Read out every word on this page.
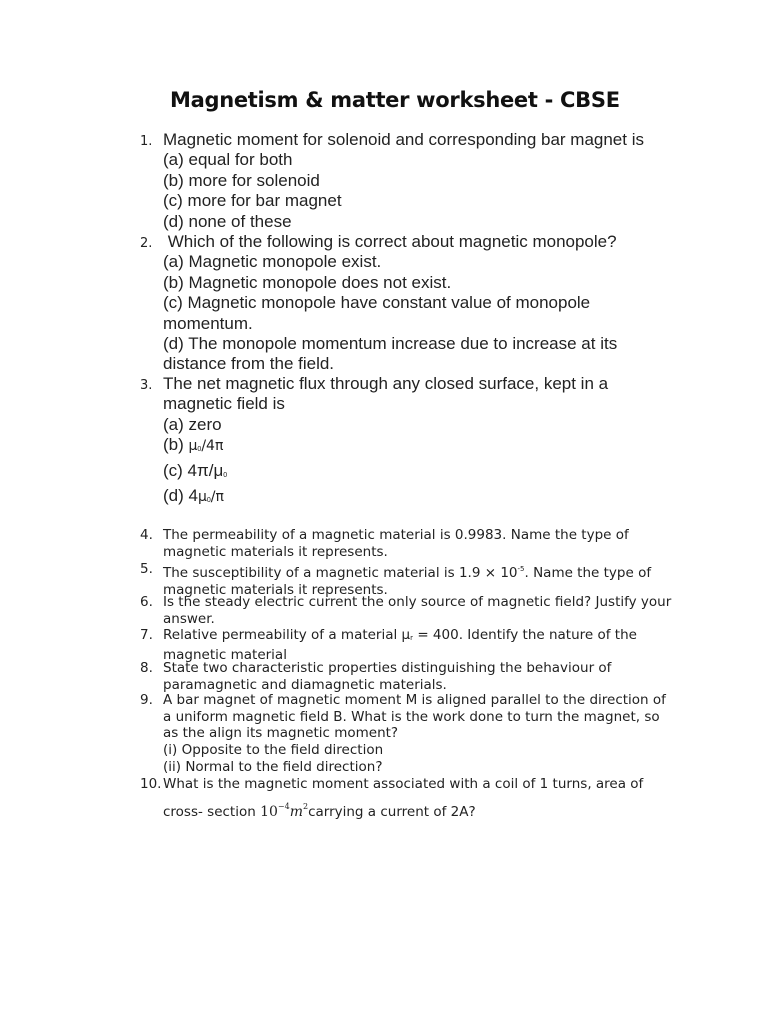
Magnetism & matter worksheet - CBSE
1. Magnetic moment for solenoid and corresponding bar magnet is
(a) equal for both
(b) more for solenoid
(c) more for bar magnet
(d) none of these
2. Which of the following is correct about magnetic monopole?
(a) Magnetic monopole exist.
(b) Magnetic monopole does not exist.
(c) Magnetic monopole have constant value of monopole momentum.
(d) The monopole momentum increase due to increase at its distance from the field.
3. The net magnetic flux through any closed surface, kept in a magnetic field is
(a) zero
(b) μ0/4π
(c) 4π/μ0
(d) 4μ0/π
4. The permeability of a magnetic material is 0.9983. Name the type of magnetic materials it represents.
5. The susceptibility of a magnetic material is $1.9 \times 10^{-5}$. Name the type of magnetic materials it represents.
6. Is the steady electric current the only source of magnetic field? Justify your answer.
7. Relative permeability of a material μr = 400. Identify the nature of the magnetic material
8. State two characteristic properties distinguishing the behaviour of paramagnetic and diamagnetic materials.
9. A bar magnet of magnetic moment M is aligned parallel to the direction of a uniform magnetic field B. What is the work done to turn the magnet, so as the align its magnetic moment?
(i) Opposite to the field direction
(ii) Normal to the field direction?
10. What is the magnetic moment associated with a coil of 1 turns, area of
cross- section $10^{-4}m^2carrying$ a current of 2A?
